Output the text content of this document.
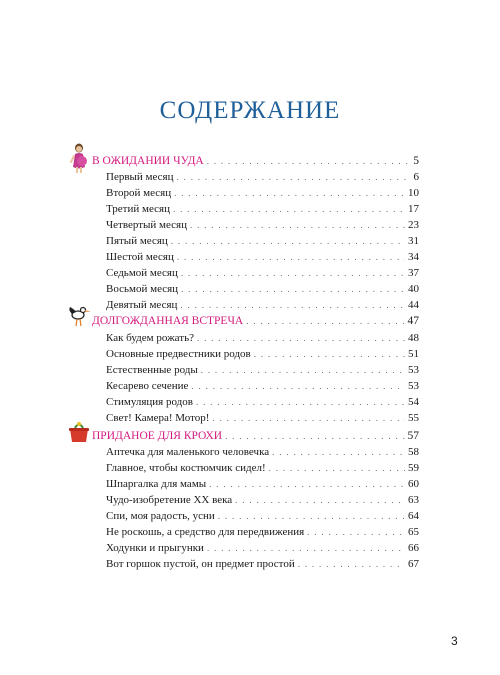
СОДЕРЖАНИЕ
В ОЖИДАНИИ ЧУДА . . .	5
Первый месяц . . .	6
Второй месяц . . .	10
Третий месяц . . .	17
Четвертый месяц . . .	23
Пятый месяц . . .	31
Шестой месяц . . .	34
Седьмой месяц . . .	37
Восьмой месяц . . .	40
Девятый месяц . . .	44
ДОЛГОЖДАННАЯ ВСТРЕЧА . . .	47
Как будем рожать? . . .	48
Основные предвестники родов . . .	51
Естественные роды . . .	53
Кесарево сечение . . .	53
Стимуляция родов . . .	54
Свет! Камера! Мотор! . . .	55
ПРИДАНОЕ ДЛЯ КРОХИ . . .	57
Аптечка для маленького человечка . . .	58
Главное, чтобы костюмчик сидел! . . .	59
Шпаргалка для мамы . . .	60
Чудо-изобретение XX века . . .	63
Спи, моя радость, усни . . .	64
Не роскошь, а средство для передвижения . . .	65
Ходунки и прыгунки . . .	66
Вот горшок пустой, он предмет простой . . .	67
3
